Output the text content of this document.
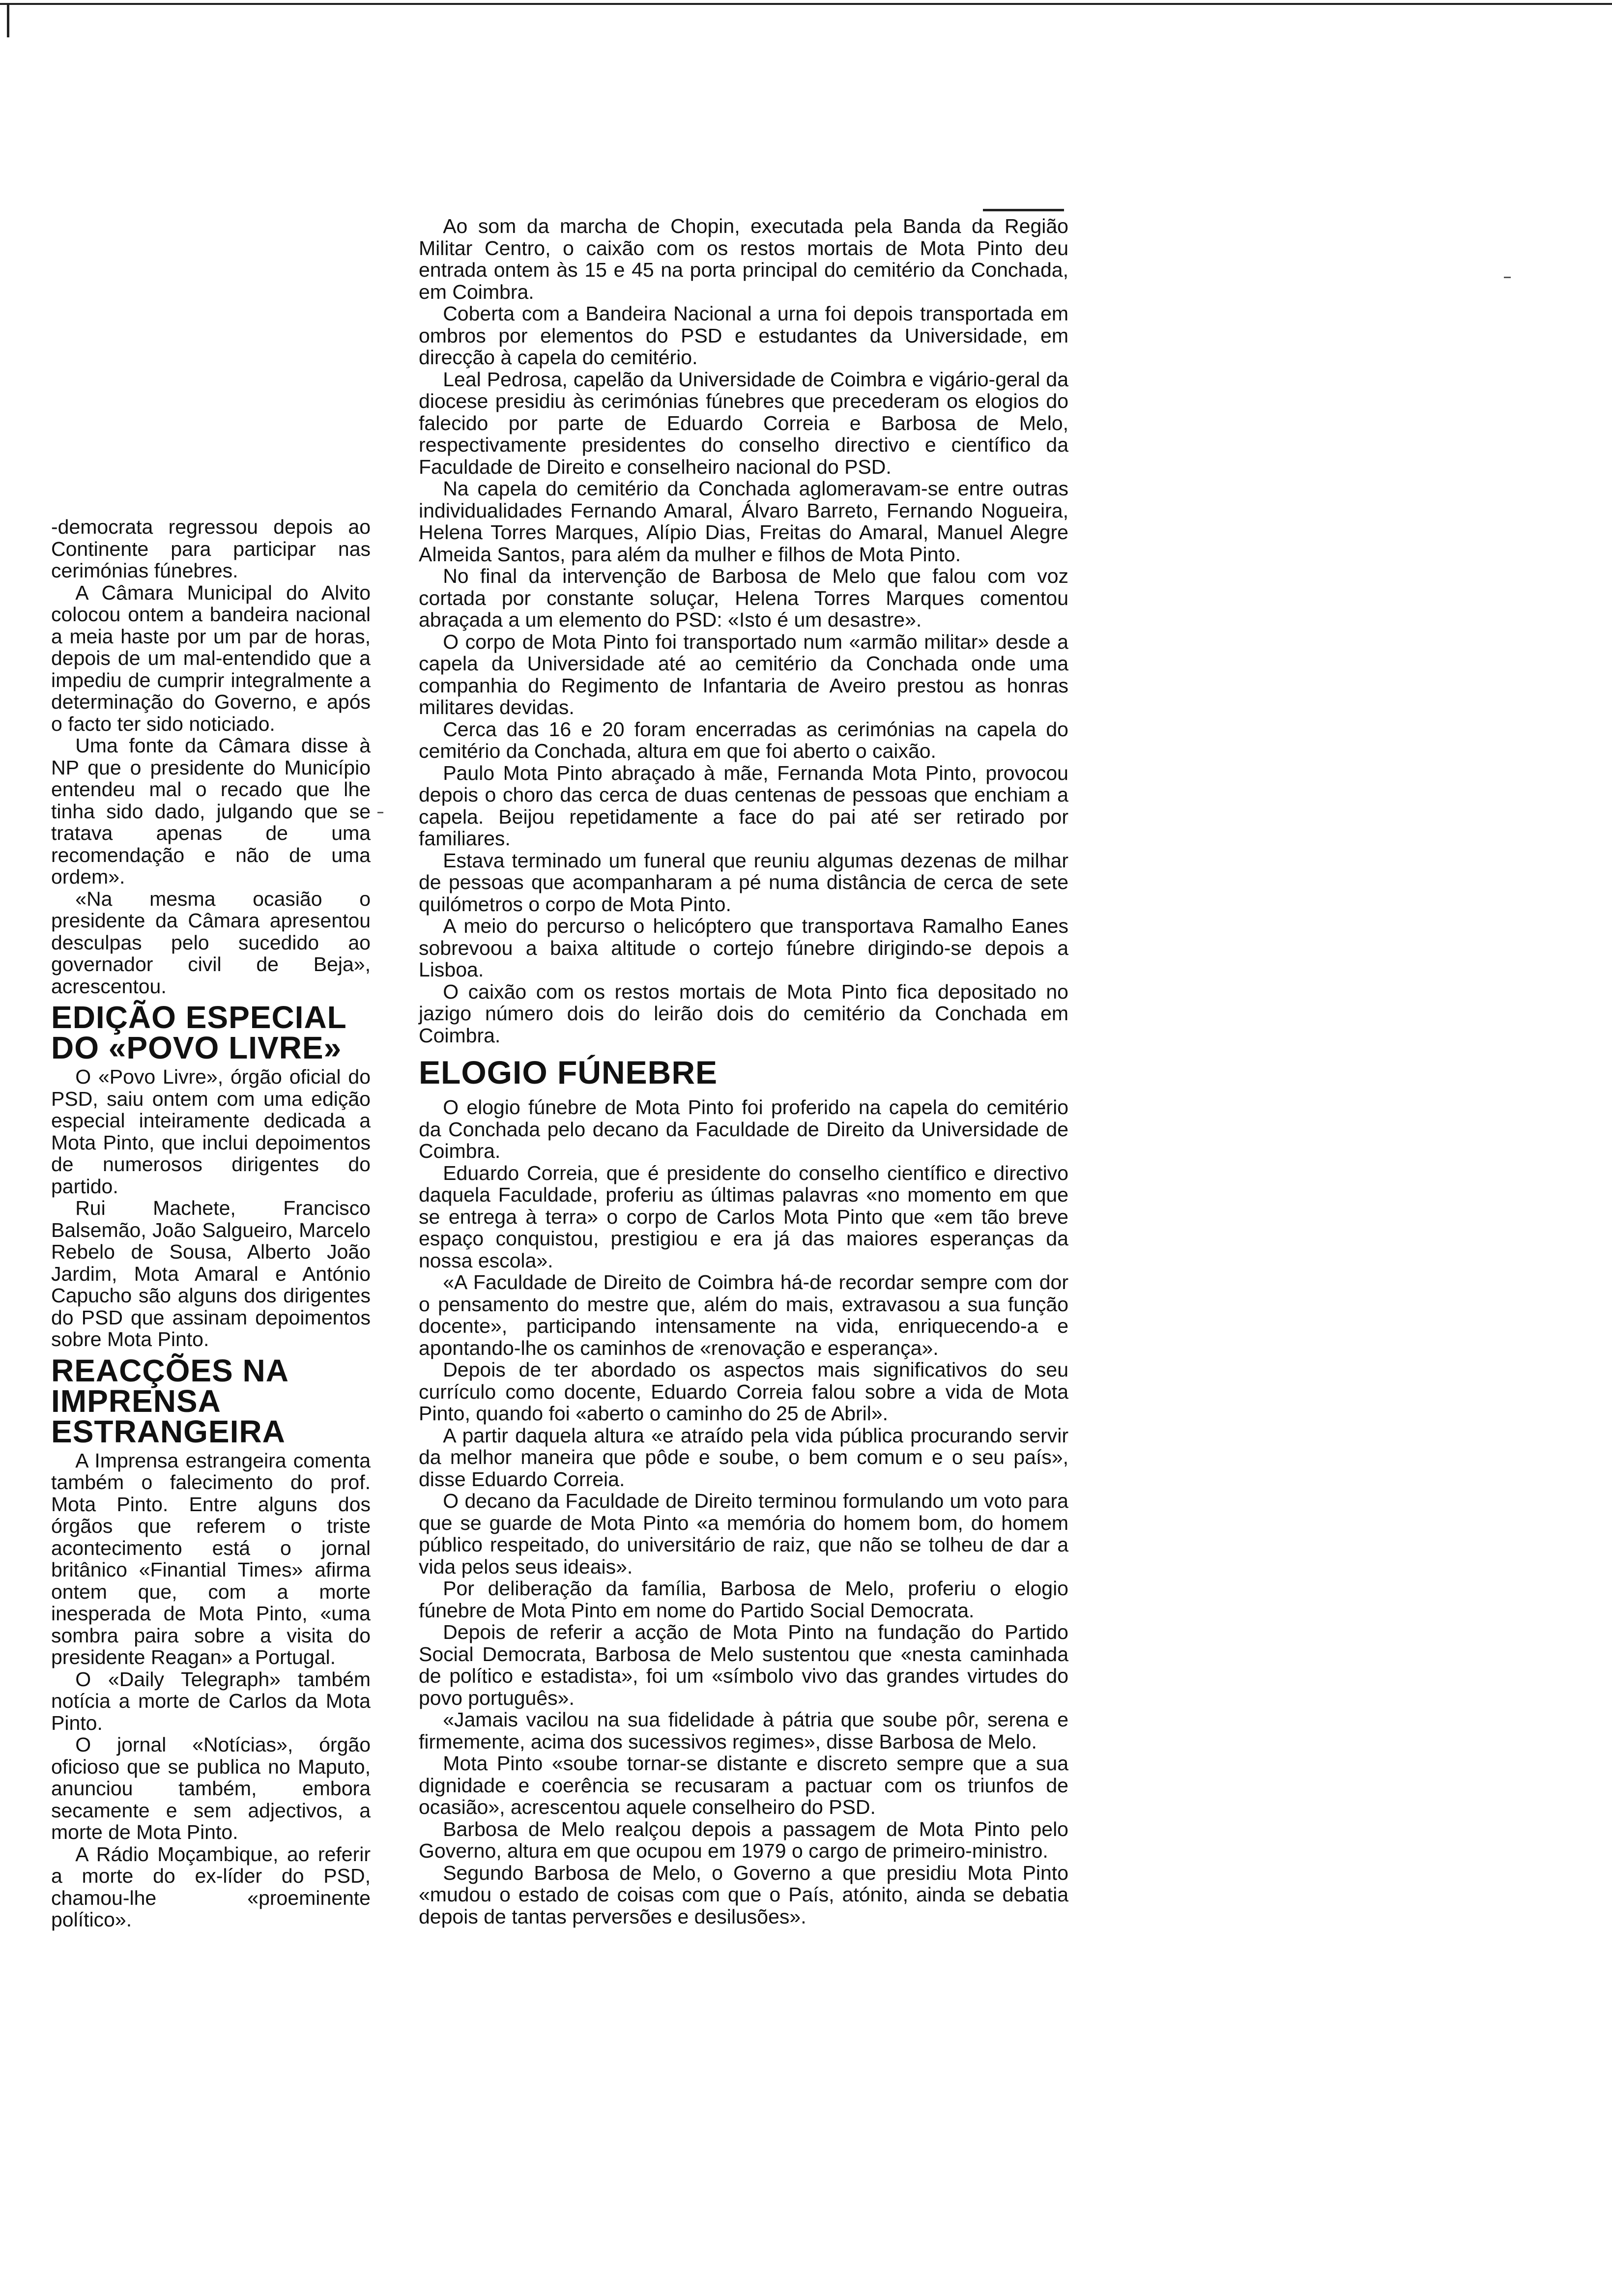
-democrata regressou depois ao Continente para participar nas cerimónias fúnebres.

A Câmara Municipal do Alvito colocou ontem a bandeira nacional a meia haste por um par de horas, depois de um mal-entendido que a impediu de cumprir integralmente a determinação do Governo, e após o facto ter sido noticiado.

Uma fonte da Câmara disse à NP que o presidente do Município entendeu mal o recado que lhe tinha sido dado, julgando que se tratava apenas de uma recomendação e não de uma ordem».

«Na mesma ocasião o presidente da Câmara apresentou desculpas pelo sucedido ao governador civil de Beja», acrescentou.

EDIÇÃO ESPECIAL DO «POVO LIVRE»

O «Povo Livre», órgão oficial do PSD, saiu ontem com uma edição especial inteiramente dedicada a Mota Pinto, que inclui depoimentos de numerosos dirigentes do partido.

Rui Machete, Francisco Balsemão, João Salgueiro, Marcelo Rebelo de Sousa, Alberto João Jardim, Mota Amaral e António Capucho são alguns dos dirigentes do PSD que assinam depoimentos sobre Mota Pinto.

REACÇÕES NA IMPRENSA ESTRANGEIRA

A Imprensa estrangeira comenta também o falecimento do prof. Mota Pinto. Entre alguns dos órgãos que referem o triste acontecimento está o jornal britânico «Finantial Times» afirma ontem que, com a morte inesperada de Mota Pinto, «uma sombra paira sobre a visita do presidente Reagan» a Portugal.

O «Daily Telegraph» também notícia a morte de Carlos da Mota Pinto.

O jornal «Notícias», órgão oficioso que se publica no Maputo, anunciou também, embora secamente e sem adjectivos, a morte de Mota Pinto.

A Rádio Moçambique, ao referir a morte do ex-líder do PSD, chamou-lhe «proeminente político».

Ao som da marcha de Chopin, executada pela Banda da Região Militar Centro, o caixão com os restos mortais de Mota Pinto deu entrada ontem às 15 e 45 na porta principal do cemitério da Conchada, em Coimbra.

Coberta com a Bandeira Nacional a urna foi depois transportada em ombros por elementos do PSD e estudantes da Universidade, em direcção à capela do cemitério.

Leal Pedrosa, capelão da Universidade de Coimbra e vigário-geral da diocese presidiu às cerimónias fúnebres que precederam os elogios do falecido por parte de Eduardo Correia e Barbosa de Melo, respectivamente presidentes do conselho directivo e científico da Faculdade de Direito e conselheiro nacional do PSD.

Na capela do cemitério da Conchada aglomeravam-se entre outras individualidades Fernando Amaral, Álvaro Barreto, Fernando Nogueira, Helena Torres Marques, Alípio Dias, Freitas do Amaral, Manuel Alegre Almeida Santos, para além da mulher e filhos de Mota Pinto.

No final da intervenção de Barbosa de Melo que falou com voz cortada por constante soluçar, Helena Torres Marques comentou abraçada a um elemento do PSD: «Isto é um desastre».

O corpo de Mota Pinto foi transportado num «armão militar» desde a capela da Universidade até ao cemitério da Conchada onde uma companhia do Regimento de Infantaria de Aveiro prestou as honras militares devidas.

Cerca das 16 e 20 foram encerradas as cerimónias na capela do cemitério da Conchada, altura em que foi aberto o caixão.

Paulo Mota Pinto abraçado à mãe, Fernanda Mota Pinto, provocou depois o choro das cerca de duas centenas de pessoas que enchiam a capela. Beijou repetidamente a face do pai até ser retirado por familiares.

Estava terminado um funeral que reuniu algumas dezenas de milhar de pessoas que acompanharam a pé numa distância de cerca de sete quilómetros o corpo de Mota Pinto.

A meio do percurso o helicóptero que transportava Ramalho Eanes sobrevoou a baixa altitude o cortejo fúnebre dirigindo-se depois a Lisboa.

O caixão com os restos mortais de Mota Pinto fica depositado no jazigo número dois do leirão dois do cemitério da Conchada em Coimbra.

ELOGIO FÚNEBRE

O elogio fúnebre de Mota Pinto foi proferido na capela do cemitério da Conchada pelo decano da Faculdade de Direito da Universidade de Coimbra.

Eduardo Correia, que é presidente do conselho científico e directivo daquela Faculdade, proferiu as últimas palavras «no momento em que se entrega à terra» o corpo de Carlos Mota Pinto que «em tão breve espaço conquistou, prestigiou e era já das maiores esperanças da nossa escola».

«A Faculdade de Direito de Coimbra há-de recordar sempre com dor o pensamento do mestre que, além do mais, extravasou a sua função docente», participando intensamente na vida, enriquecendo-a e apontando-lhe os caminhos de «renovação e esperança».

Depois de ter abordado os aspectos mais significativos do seu currículo como docente, Eduardo Correia falou sobre a vida de Mota Pinto, quando foi «aberto o caminho do 25 de Abril».

A partir daquela altura «e atraído pela vida pública procurando servir da melhor maneira que pôde e soube, o bem comum e o seu país», disse Eduardo Correia.

O decano da Faculdade de Direito terminou formulando um voto para que se guarde de Mota Pinto «a memória do homem bom, do homem público respeitado, do universitário de raiz, que não se tolheu de dar a vida pelos seus ideais».

Por deliberação da família, Barbosa de Melo, proferiu o elogio fúnebre de Mota Pinto em nome do Partido Social Democrata.

Depois de referir a acção de Mota Pinto na fundação do Partido Social Democrata, Barbosa de Melo sustentou que «nesta caminhada de político e estadista», foi um «símbolo vivo das grandes virtudes do povo português».

«Jamais vacilou na sua fidelidade à pátria que soube pôr, serena e firmemente, acima dos sucessivos regimes», disse Barbosa de Melo.

Mota Pinto «soube tornar-se distante e discreto sempre que a sua dignidade e coerência se recusaram a pactuar com os triunfos de ocasião», acrescentou aquele conselheiro do PSD.

Barbosa de Melo realçou depois a passagem de Mota Pinto pelo Governo, altura em que ocupou em 1979 o cargo de primeiro-ministro.

Segundo Barbosa de Melo, o Governo a que presidiu Mota Pinto «mudou o estado de coisas com que o País, atónito, ainda se debatia depois de tantas perversões e desilusões».
